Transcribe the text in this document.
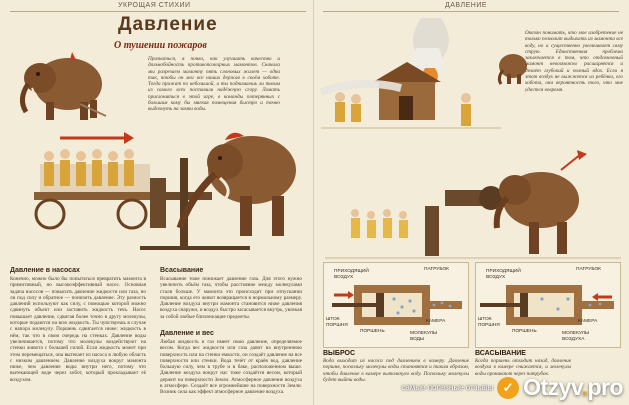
УКРОЩАЯ СТИХИИ
Давление
О тушении пожаров
Признаться, я понял, как улучшить качество и дальнобойность противопожарных мамонтов. Сначала мы разрезаем мамонту пять слоновых жилет — одна так, чтобы он мог все наших держав в своём хоботе. Тогда прижат по небольшой, а ты поднимаешь ли твоим из самого всех поставили надёжную сгору. Ломать прислониться в этой игре, в команды потерянных с большим кому бы мягкая помещения быстро и точно выдохнуть на замки воды.
Давление в насосах
Конечно, можно было бы попытаться превратить мамонта в примитивный, но высокоэффективный насос. Основная задача насосов — повысить давление жидкости или газа, но ли под силу и обратное — понизить давление. Эту разность давлений используют как силу, с помощью которой можно сдвинуть объект или заставить жидкость течь. Насос повышает давление, сдвигая более точно в другу молекулы, которые подаются на всю жидкость. Ты чувствуешь в случае с напора молекулу. Поршень сдвигается ниже: жидкость в нём, так что в свою очередь на стенках. Давление воды увеличивается, потому что молекулы воздействуют на стенки живота с большей силой. Если жидкость может при этом перемещаться, она вытекает из насоса в любую область с низким давлением. Давление воздуха вокруг мамонта ниже, чем давление воды внутри него, потому что вытекающей воде через хобот, который прокладывает её воздухом.
Всасывание
Всасывание тоже понижает давление газа. Для этого нужно увеличить объём газа, чтобы расстояние между молекулами стали больше. У мамонта это происходит при отпускании поршня, когда его живот возвращается в нормальному размеру. Давление воздуха внутри мамонта становится ниже давления воздуха снаружи, и воздух быстро засасывается внутрь, увлекая за собой любые близлежащие предметы.
Давление и вес
Любая жидкость и газ имеет свою давление, определяемое весом. Когда вес жидкости или газа давит на внутреннюю поверхность или на стенки емкости, он создаёт давление на все поверхности или стенки. Вода течёт от краёв вод, давление большую силу, чем в трубе и в баке, расположенном выше. Давление воздуха вокруг нас тоже создаётся весом, который держит на поверхности Земли. Атмосферное давление воздуха в атмосфере. Создаёт все огромнейшие на поверхности Земли. Возник сила как эффект атмосферное давление воздуха.
ДАВЛЕНИЕ
Оказан понимать, что мое изобретение не только позволит выдыхать из мамонта все воду, но и существенно увеличивает саму струю. Единственная проблема заключается в том, что отдохновный мамонт невозможно расширяется и делает глубокий и полный вдох. Если я этот воздух не выжжется из ребёнка, его хобота, она вероятность того, что мне удастся вовремя.
ПРИХОДЯЩИЙ ВОЗДУХ
ПАТРУБОК
КАМЕРА
ШТОК ПОРШНЯ
ПОРШЕНЬ	МОЛЕКУЛЫ ВОДЫ
ВЫБРОС
Вода выходит из насоса под давлением в камеру. Давление поршня, поскольку молекулы воды становятся и таким образом, чтобы давление в камере вытолкнуло воду. Поскольку молекулы будет выйти воды.
ПРИХОДЯЩИЙ ВОЗДУХ
ПАТРУБОК
КАМЕРА
ШТОК ПОРШНЯ
ПОРШЕНЬ	МОЛЕКУЛЫ ВОЗДУХА
ВСАСЫВАНИЕ
Когда поршень отходит назад, давление воздуха в камере снижается, и молекулы воды проникают через патрубок.
самые полезные отзывы ✓ Otzyv.pro
